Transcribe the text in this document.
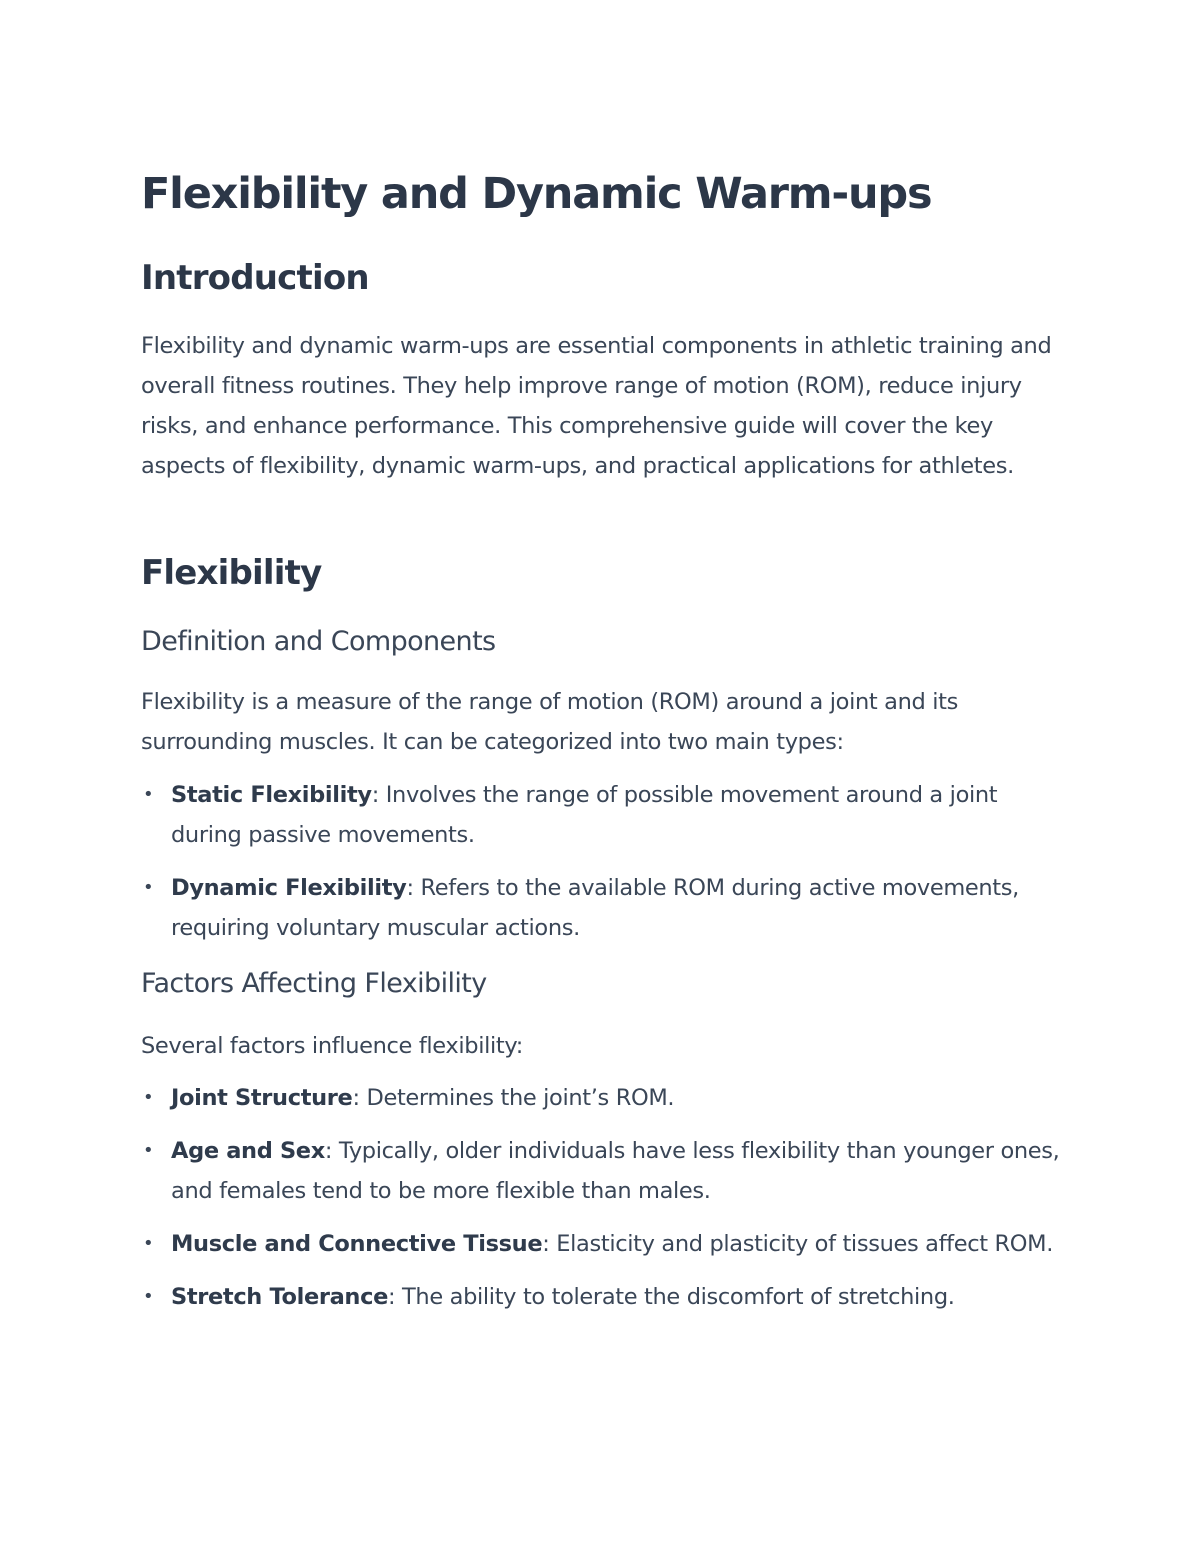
Flexibility and Dynamic Warm-ups
Introduction

Flexibility and dynamic warm-ups are essential components in athletic training and overall fitness routines. They help improve range of motion (ROM), reduce injury risks, and enhance performance. This comprehensive guide will cover the key aspects of flexibility, dynamic warm-ups, and practical applications for athletes.

Flexibility
Definition and Components

Flexibility is a measure of the range of motion (ROM) around a joint and its surrounding muscles. It can be categorized into two main types:

• Static Flexibility: Involves the range of possible movement around a joint during passive movements.
• Dynamic Flexibility: Refers to the available ROM during active movements, requiring voluntary muscular actions.
Factors Affecting Flexibility

Several factors influence flexibility:

• Joint Structure: Determines the joint’s ROM.
• Age and Sex: Typically, older individuals have less flexibility than younger ones, and females tend to be more flexible than males.
• Muscle and Connective Tissue: Elasticity and plasticity of tissues affect ROM.
• Stretch Tolerance: The ability to tolerate the discomfort of stretching.
